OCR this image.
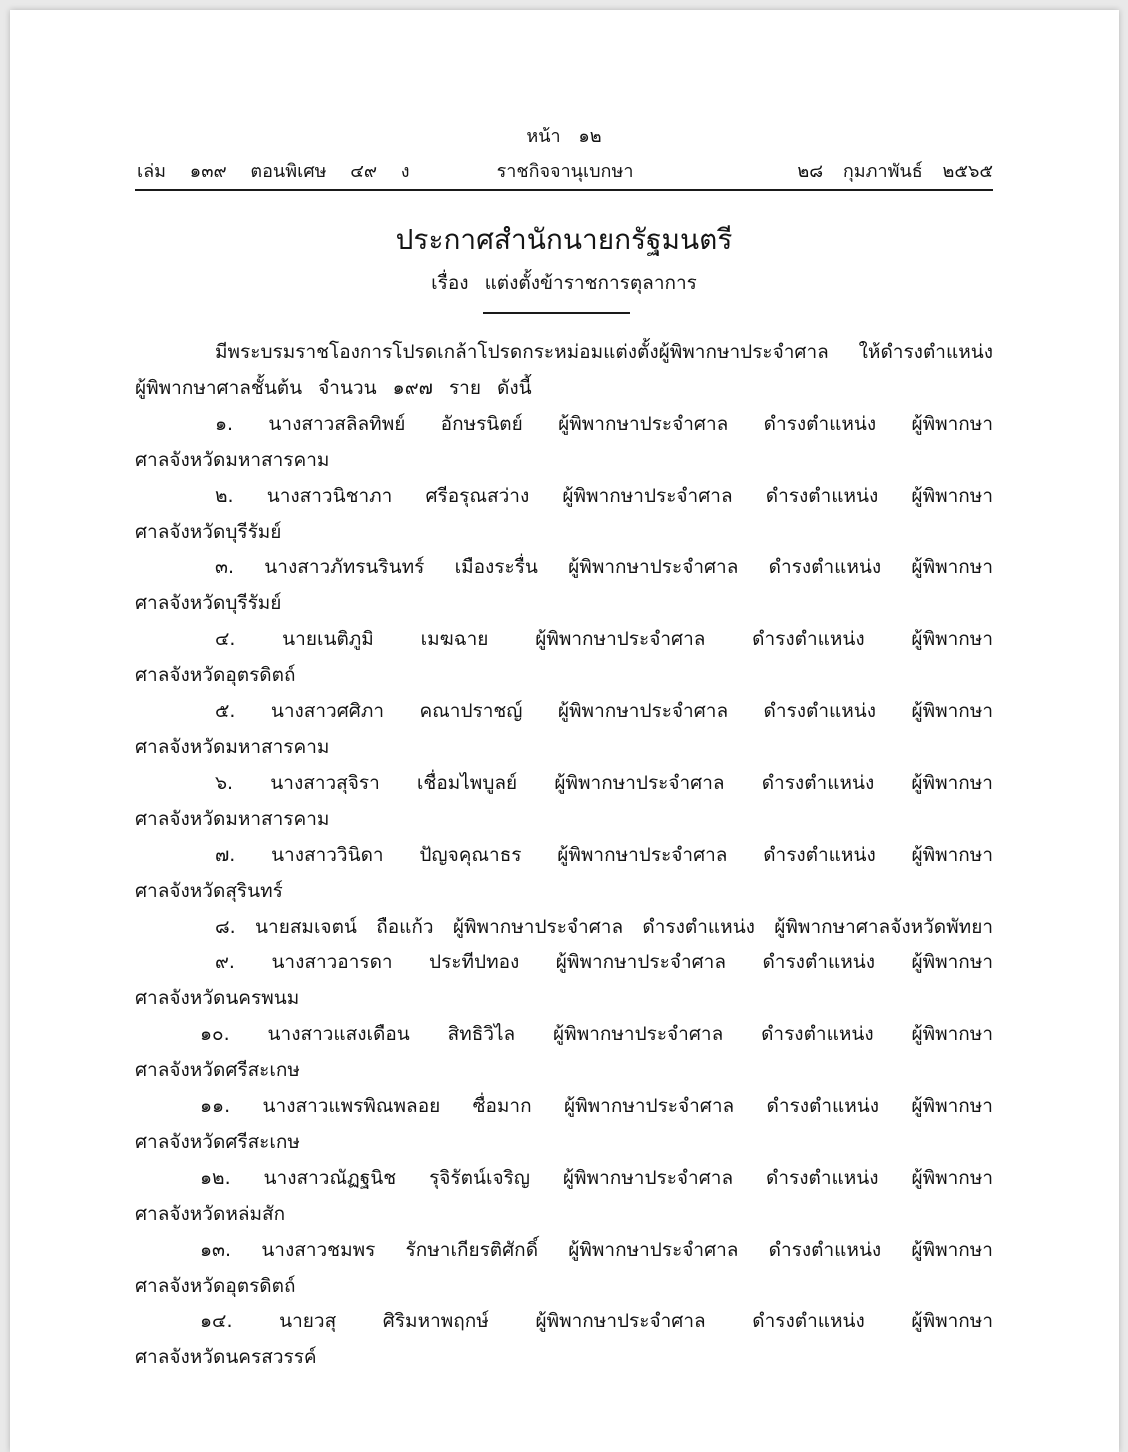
หน้า ๑๒
เล่ม ๑๓๙ ตอนพิเศษ ๔๙ ง	ราชกิจจานุเบกษา	๒๘ กุมภาพันธ์ ๒๕๖๕
ประกาศสำนักนายกรัฐมนตรี
เรื่อง แต่งตั้งข้าราชการตุลาการ
มีพระบรมราชโองการโปรดเกล้าโปรดกระหม่อมแต่งตั้งผู้พิพากษาประจำศาล ให้ดำรงตำแหน่ง
ผู้พิพากษาศาลชั้นต้น จำนวน ๑๙๗ ราย ดังนี้
๑. นางสาวสลิลทิพย์ อักษรนิตย์ ผู้พิพากษาประจำศาล ดำรงตำแหน่ง ผู้พิพากษา
ศาลจังหวัดมหาสารคาม
๒. นางสาวนิชาภา ศรีอรุณสว่าง ผู้พิพากษาประจำศาล ดำรงตำแหน่ง ผู้พิพากษา
ศาลจังหวัดบุรีรัมย์
๓. นางสาวภัทรนรินทร์ เมืองระรื่น ผู้พิพากษาประจำศาล ดำรงตำแหน่ง ผู้พิพากษา
ศาลจังหวัดบุรีรัมย์
๔. นายเนติภูมิ เมฆฉาย ผู้พิพากษาประจำศาล ดำรงตำแหน่ง ผู้พิพากษา
ศาลจังหวัดอุตรดิตถ์
๕. นางสาวศศิภา คณาปราชญ์ ผู้พิพากษาประจำศาล ดำรงตำแหน่ง ผู้พิพากษา
ศาลจังหวัดมหาสารคาม
๖. นางสาวสุจิรา เชื่อมไพบูลย์ ผู้พิพากษาประจำศาล ดำรงตำแหน่ง ผู้พิพากษา
ศาลจังหวัดมหาสารคาม
๗. นางสาววินิดา ปัญจคุณาธร ผู้พิพากษาประจำศาล ดำรงตำแหน่ง ผู้พิพากษา
ศาลจังหวัดสุรินทร์
๘. นายสมเจตน์ ถือแก้ว ผู้พิพากษาประจำศาล ดำรงตำแหน่ง ผู้พิพากษาศาลจังหวัดพัทยา
๙. นางสาวอารดา ประทีปทอง ผู้พิพากษาประจำศาล ดำรงตำแหน่ง ผู้พิพากษา
ศาลจังหวัดนครพนม
๑๐. นางสาวแสงเดือน สิทธิวิไล ผู้พิพากษาประจำศาล ดำรงตำแหน่ง ผู้พิพากษา
ศาลจังหวัดศรีสะเกษ
๑๑. นางสาวแพรพิณพลอย ซื่อมาก ผู้พิพากษาประจำศาล ดำรงตำแหน่ง ผู้พิพากษา
ศาลจังหวัดศรีสะเกษ
๑๒. นางสาวณัฏฐนิช รุจิรัตน์เจริญ ผู้พิพากษาประจำศาล ดำรงตำแหน่ง ผู้พิพากษา
ศาลจังหวัดหล่มสัก
๑๓. นางสาวชมพร รักษาเกียรติศักดิ์ ผู้พิพากษาประจำศาล ดำรงตำแหน่ง ผู้พิพากษา
ศาลจังหวัดอุตรดิตถ์
๑๔. นายวสุ ศิริมหาพฤกษ์ ผู้พิพากษาประจำศาล ดำรงตำแหน่ง ผู้พิพากษา
ศาลจังหวัดนครสวรรค์
